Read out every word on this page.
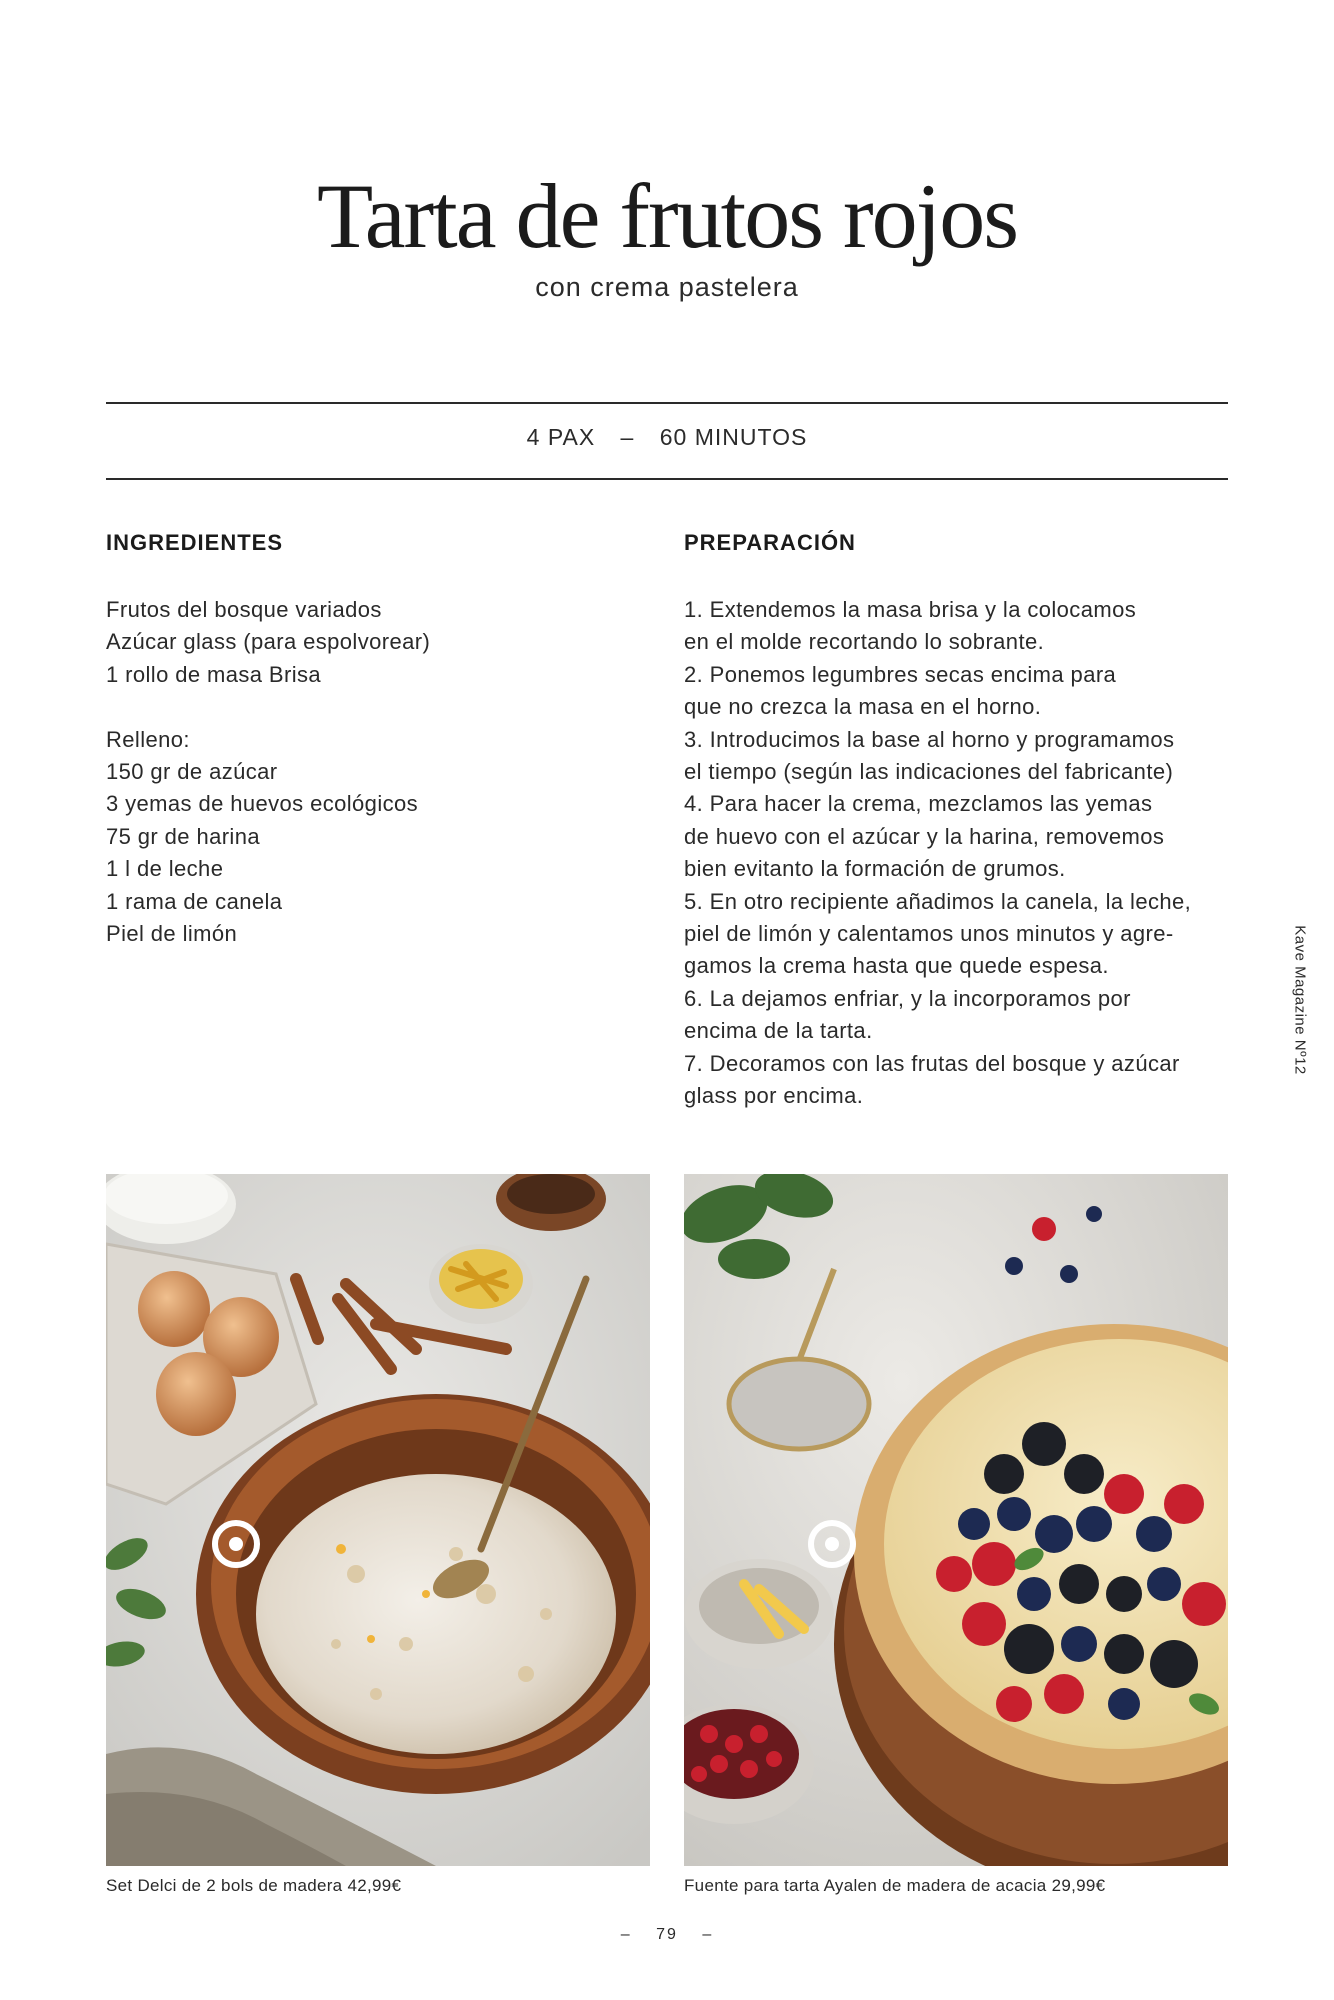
Tarta de frutos rojos
con crema pastelera
4 PAX – 60 MINUTOS
INGREDIENTES	PREPARACIÓN
Frutos del bosque variados
Azúcar glass (para espolvorear)
1 rollo de masa Brisa
Relleno:
150 gr de azúcar
3 yemas de huevos ecológicos
75 gr de harina
1 l de leche
1 rama de canela
Piel de limón
1. Extendemos la masa brisa y la colocamos
en el molde recortando lo sobrante.
2. Ponemos legumbres secas encima para
que no crezca la masa en el horno.
3. Introducimos la base al horno y programamos
el tiempo (según las indicaciones del fabricante)
4. Para hacer la crema, mezclamos las yemas
de huevo con el azúcar y la harina, removemos
bien evitanto la formación de grumos.
5. En otro recipiente añadimos la canela, la leche,
piel de limón y calentamos unos minutos y agre-
gamos la crema hasta que quede espesa.
6. La dejamos enfriar, y la incorporamos por
encima de la tarta.
7. Decoramos con las frutas del bosque y azúcar
glass por encima.
Kave Magazine Nº12
Set Delci de 2 bols de madera 42,99€	Fuente para tarta Ayalen de madera de acacia 29,99€
– 79 –
